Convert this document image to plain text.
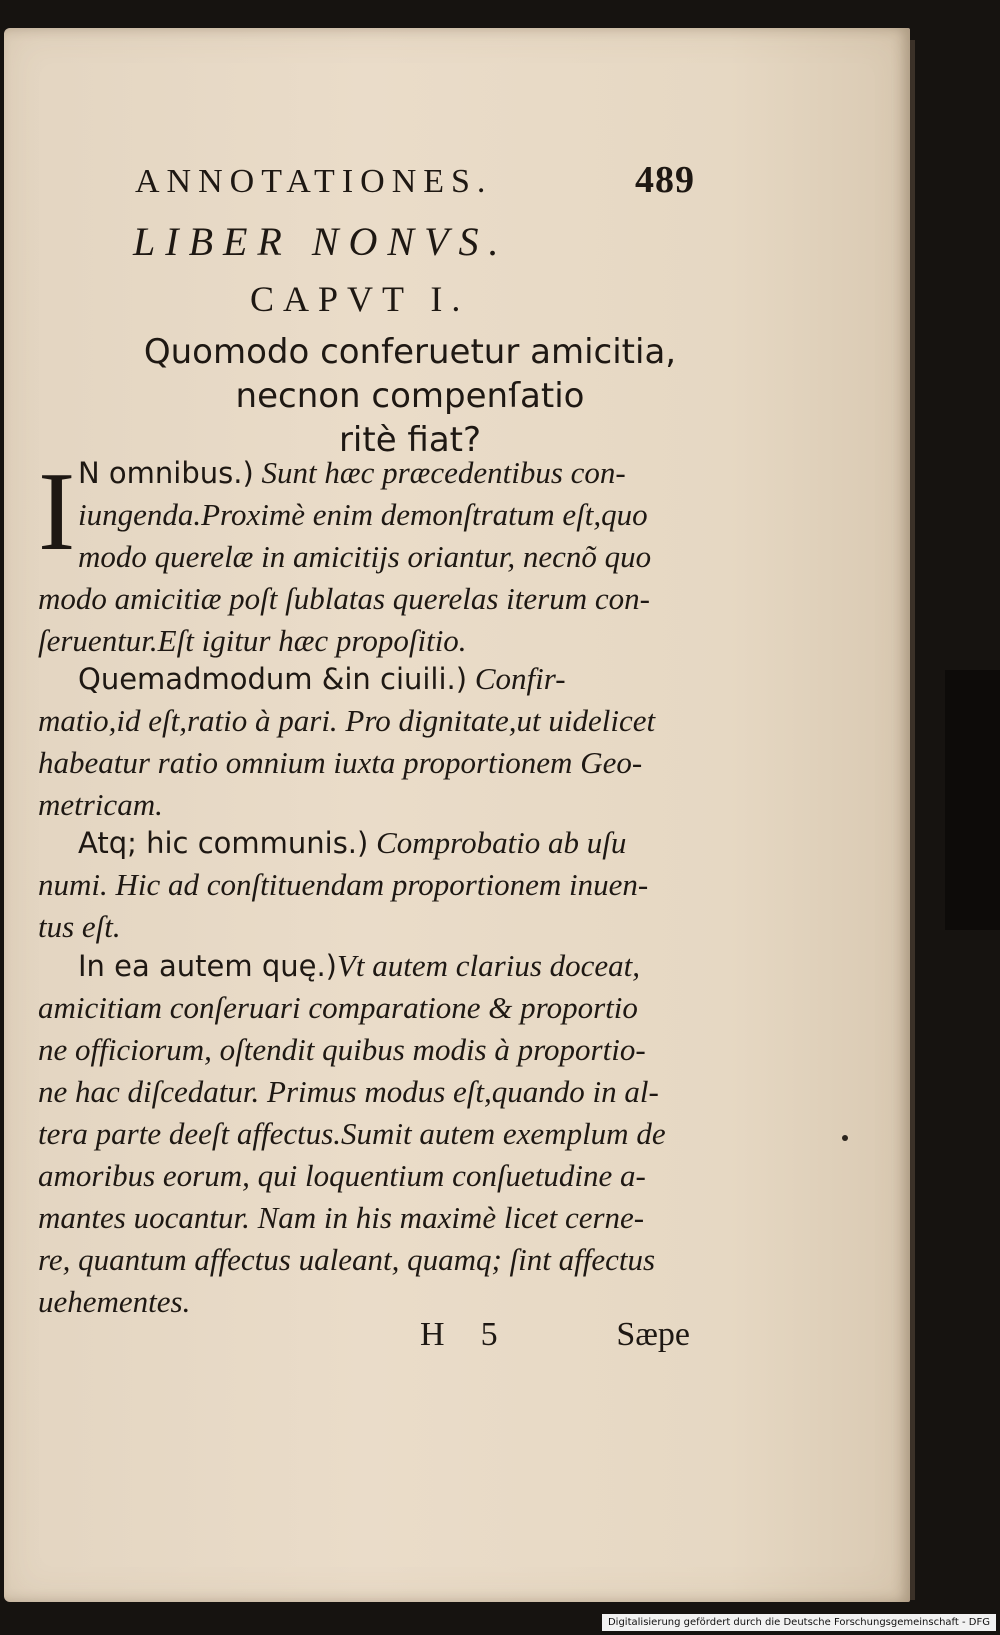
ANNOTATIONES.	489
LIBER NONVS.
CAPVT I.
Quomodo conferuetur amicitia,
necnon compenſatio
ritè fiat?
I N omnibus.) Sunt hæc præcedentibus con-
iungenda.Proximè enim demonſtratum eſt,quo
modo querelæ in amicitijs oriantur, necnõ quo
modo amicitiæ poſt ſublatas querelas iterum con-
ſeruentur.Eſt igitur hæc propoſitio.
Quemadmodum &in ciuili.) Confir-
matio,id eſt,ratio à pari. Pro dignitate,ut uidelicet
habeatur ratio omnium iuxta proportionem Geo-
metricam.
Atq; hic communis.) Comprobatio ab uſu
numi. Hic ad conſtituendam proportionem inuen-
tus eſt.
In ea autem quę.)Vt autem clarius doceat,
amicitiam conſeruari comparatione & proportio
ne officiorum, oſtendit quibus modis à proportio-
ne hac diſcedatur. Primus modus eſt,quando in al-
tera parte deeſt affectus.Sumit autem exemplum de
amoribus eorum, qui loquentium conſuetudine a-
mantes uocantur. Nam in his maximè licet cerne-
re, quantum affectus ualeant, quamq; ſint affectus
uehementes.
H 5	Sæpe
Digitalisierung gefördert durch die Deutsche Forschungsgemeinschaft - DFG
